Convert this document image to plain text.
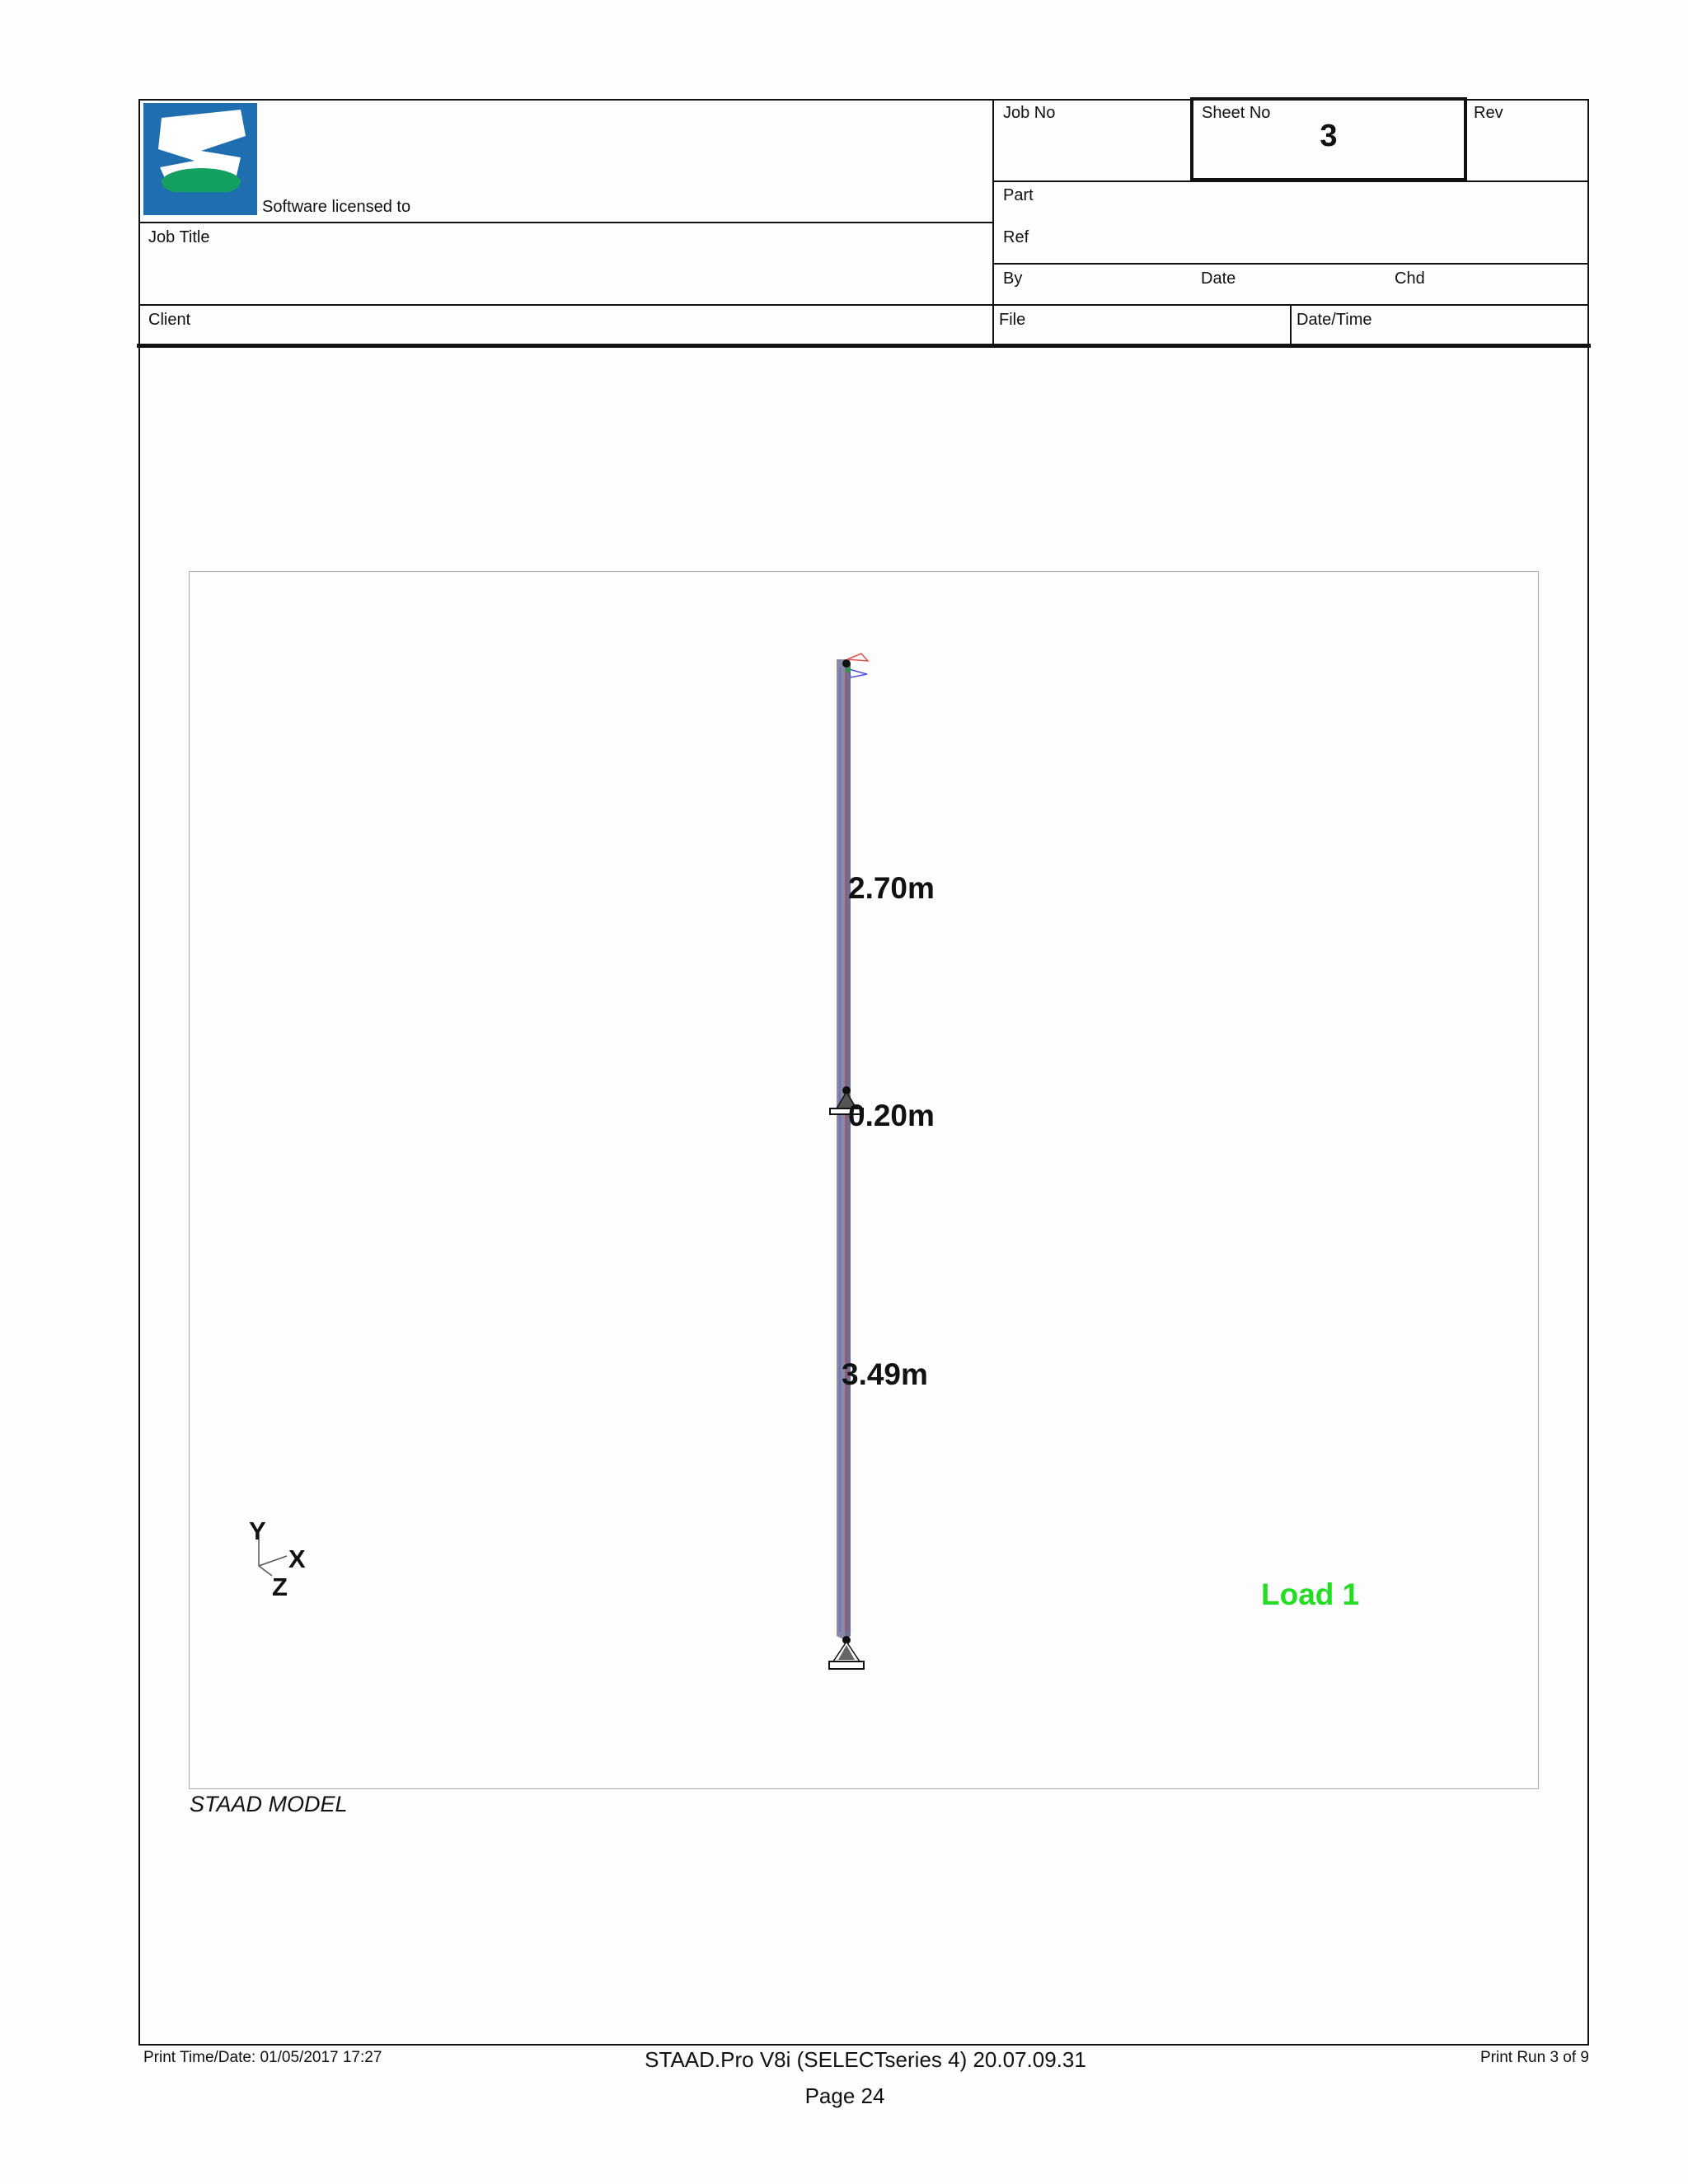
Software licensed to
Job No	Sheet No
3
Rev
Part
Job Title	Ref
By	Date	Chd
Client	File	Date/Time
2.70m
0.20m
3.49m
Y
X
Z	Load 1
STAAD MODEL
Print Time/Date: 01/05/2017 17:27	STAAD.Pro V8i (SELECTseries 4) 20.07.09.31
Page 24
Print Run 3 of 9
